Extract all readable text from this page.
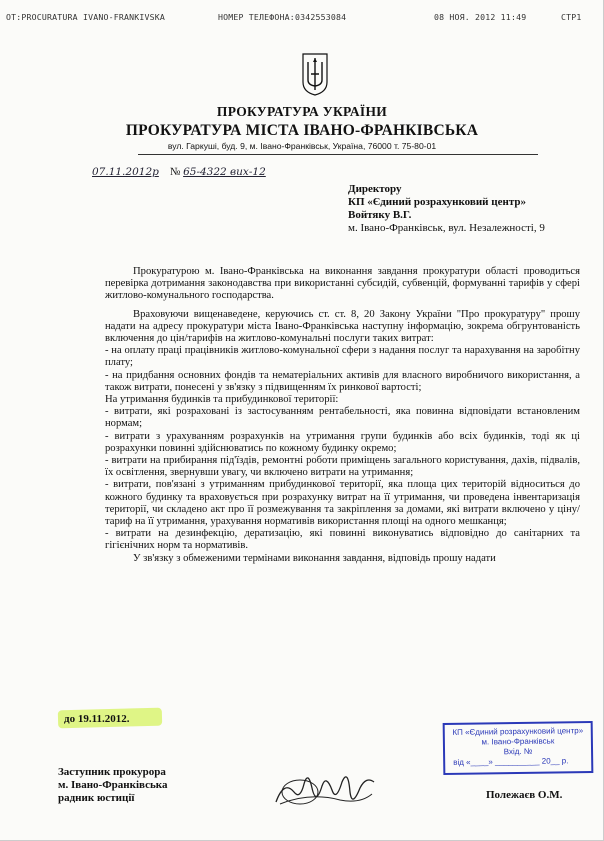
OT:PROCURATURA IVANO-FRANKIVSKA	НОМЕР ТЕЛЕФОНА:0342553084	08 НОЯ. 2012 11:49	СТР1
ПРОКУРАТУРА УКРАЇНИ
ПРОКУРАТУРА МІСТА ІВАНО-ФРАНКІВСЬКА
вул. Гаркуші, буд. 9, м. Івано-Франківськ, Україна, 76000 т. 75-80-01
07.11.2012р № 65-4322 вих-12
Директору
КП «Єдиний розрахунковий центр»
Войтяку В.Г.
м. Івано-Франківськ, вул. Незалежності, 9

Прокуратурою м. Івано-Франківська на виконання завдання прокуратури області проводиться перевірка дотримання законодавства при використанні субсидій, субвенцій, формуванні тарифів у сфері житлово-комунального господарства.

Враховуючи вищенаведене, керуючись ст. ст. 8, 20 Закону України "Про прокуратуру" прошу надати на адресу прокуратури міста Івано-Франківська наступну інформацію, зокрема обгрунтованість включення до цін/тарифів на житлово-комунальні послуги таких витрат:

- на оплату праці працівників житлово-комунальної сфери з надання послуг та нарахування на заробітну плату;

- на придбання основних фондів та нематеріальних активів для власного виробничого використання, а також витрати, понесені у зв'язку з підвищенням їх ринкової вартості;

На утримання будинків та прибудинкової території:

- витрати, які розраховані із застосуванням рентабельності, яка повинна відповідати встановленим нормам;

- витрати з урахуванням розрахунків на утримання групи будинків або всіх будинків, тоді як ці розрахунки повинні здійснюватись по кожному будинку окремо;

- витрати на прибирання під'їздів, ремонтні роботи приміщень загального користування, дахів, підвалів, їх освітлення, звернувши увагу, чи включено витрати на утримання;

- витрати, пов'язані з утриманням прибудинкової території, яка площа цих територій відноситься до кожного будинку та враховується при розрахунку витрат на її утримання, чи проведена інвентаризація території, чи складено акт про її розмежування та закріплення за домами, які витрати включено у ціну/тариф на її утримання, урахування нормативів використання площі на одного мешканця;

- витрати на дезинфекцію, дератизацію, які повинні виконуватись відповідно до санітарних та гігієнічних норм та нормативів.

У зв'язку з обмеженими термінами виконання завдання, відповідь прошу надати

до 19.11.2012.
КП «Єдиний розрахунковий центр»
м. Івано-Франківськ
Вхід. №
від «____» __________ 20__ р.
Заступник прокурора
м. Івано-Франківська
радник юстиції	Полежаєв О.М.
